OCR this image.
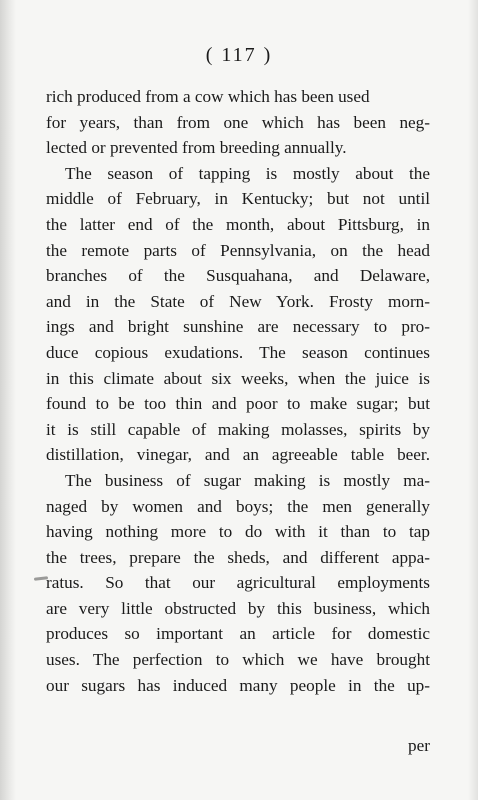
( 117 )
rich produced from a cow which has been used
for years, than from one which has been neg-
lected or prevented from breeding annually.
The season of tapping is mostly about the
middle of February, in Kentucky; but not until
the latter end of the month, about Pittsburg, in
the remote parts of Pennsylvania, on the head
branches of the Susquahana, and Delaware,
and in the State of New York. Frosty morn-
ings and bright sunshine are necessary to pro-
duce copious exudations. The season continues
in this climate about six weeks, when the juice is
found to be too thin and poor to make sugar; but
it is still capable of making molasses, spirits by
distillation, vinegar, and an agreeable table beer.
The business of sugar making is mostly ma-
naged by women and boys; the men generally
having nothing more to do with it than to tap
the trees, prepare the sheds, and different appa-
ratus. So that our agricultural employments
are very little obstructed by this business, which
produces so important an article for domestic
uses. The perfection to which we have brought
our sugars has induced many people in the up-
per
